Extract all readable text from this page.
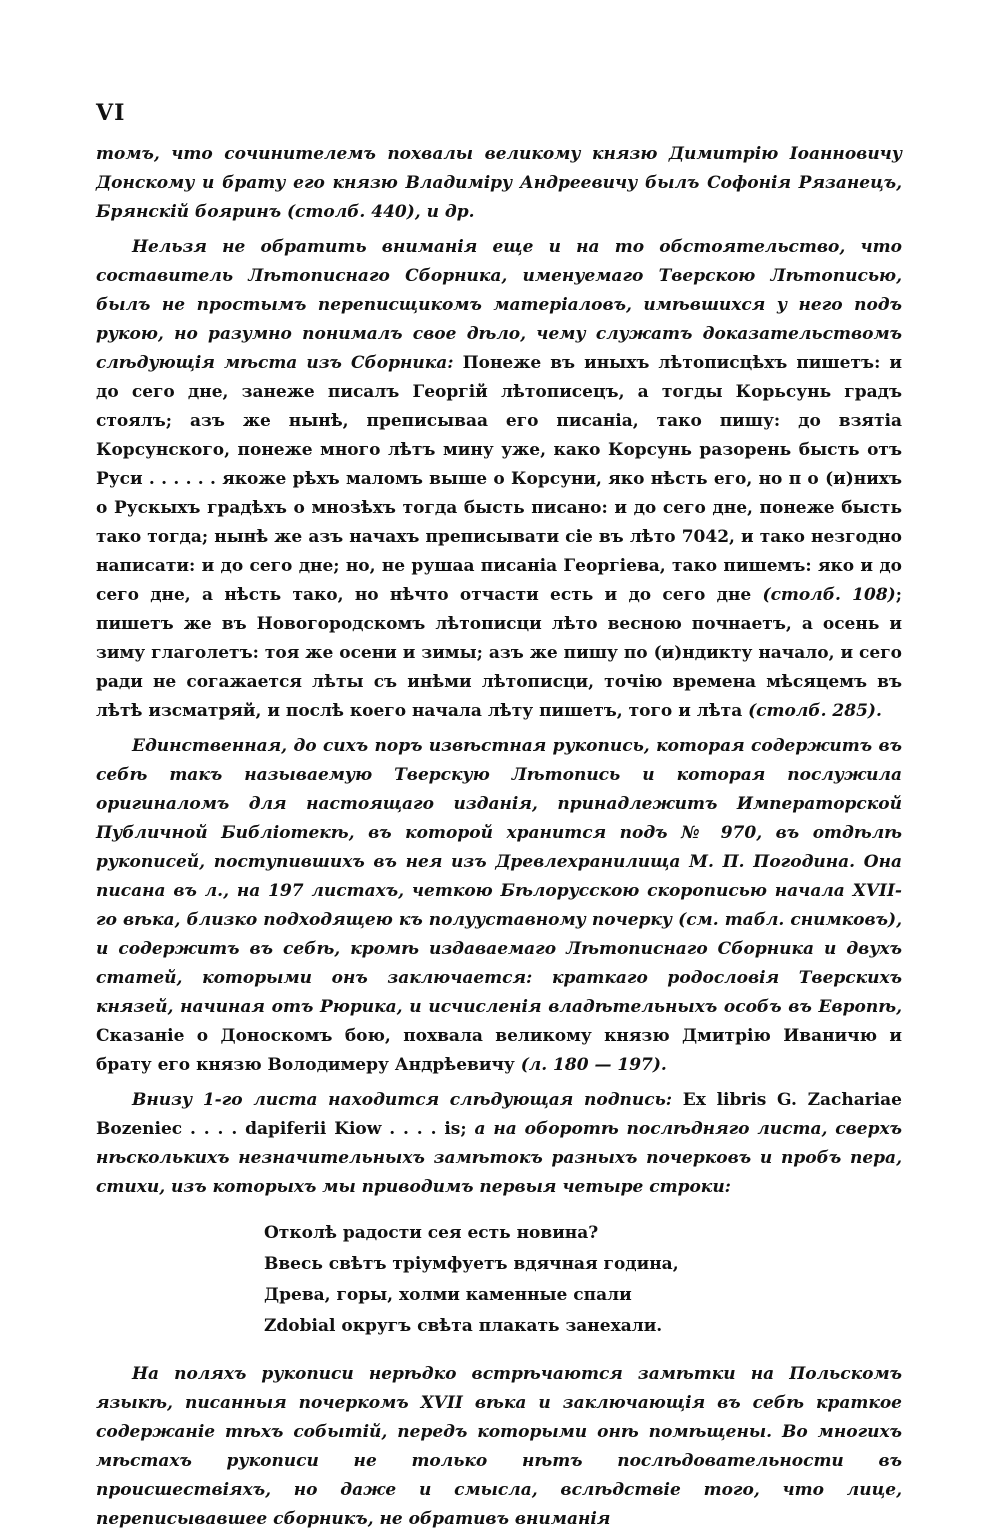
VI

томъ, что сочинителемъ похвалы великому князю Димитрію Іоанновичу Донскому и брату его князю Владиміру Андреевичу былъ Софонія Рязанецъ, Брянскій бояринъ (столб. 440), и др.

Нельзя не обратить вниманія еще и на то обстоятельство, что составитель Лѣтописнаго Сборника, именуемаго Тверскою Лѣтописью, былъ не простымъ переписщикомъ матеріаловъ, имѣвшихся у него подъ рукою, но разумно понималъ свое дѣло, чему служатъ доказательствомъ слѣдующія мѣста изъ Сборника: Понеже въ иныхъ лѣтописцѣхъ пишетъ: и до сего дне, занеже писалъ Георгій лѣтописецъ, а тогды Корьсунь градъ стоялъ; азъ же нынѣ, преписываа его писаніа, тако пишу: до взятіа Корсунского, понеже много лѣтъ мину уже, како Корсунь разорень бысть отъ Руси . . . . . . якоже рѣхъ маломъ выше о Корсуни, яко нѣсть его, но п о (и)нихъ о Рускыхъ градѣхъ о мнозѣхъ тогда бысть писано: и до сего дне, понеже бысть тако тогда; нынѣ же азъ начахъ преписывати сіе въ лѣто 7042, и тако незгодно написати: и до сего дне; но, не рушаа писаніа Георгіева, тако пишемъ: яко и до сего дне, а нѣсть тако, но нѣчто отчасти есть и до сего дне (столб. 108); пишетъ же въ Новогородскомъ лѣтописци лѣто весною почнаетъ, а осень и зиму глаголетъ: тоя же осени и зимы; азъ же пишу по (и)ндикту начало, и сего ради не согажается лѣты съ инѣми лѣтописци, точію времена мѣсяцемъ въ лѣтѣ изсматряй, и послѣ коего начала лѣту пишетъ, того и лѣта (столб. 285).

Единственная, до сихъ поръ извѣстная рукопись, которая содержитъ въ себѣ такъ называемую Тверскую Лѣтопись и которая послужила оригиналомъ для настоящаго изданія, принадлежитъ Императорской Публичной Библіотекѣ, въ которой хранится подъ № 970, въ отдѣлѣ рукописей, поступившихъ въ нея изъ Древлехранилища М. П. Погодина. Она писана въ л., на 197 листахъ, четкою Бѣлорусскою скорописью начала XVII-го вѣка, близко подходящею къ полууставному почерку (см. табл. снимковъ), и содержитъ въ себѣ, кромѣ издаваемаго Лѣтописнаго Сборника и двухъ статей, которыми онъ заключается: краткаго родословія Тверскихъ князей, начиная отъ Рюрика, и исчисленія владѣтельныхъ особъ въ Европѣ, Сказаніе о Доноскомъ бою, похвала великому князю Дмитрію Иваничю и брату его князю Володимеру Андрѣевичу (л. 180 — 197).

Внизу 1-го листа находится слѣдующая подпись: Ex libris G. Zachariae Bozeniec . . . . dapiferii Kiow . . . . is; а на оборотѣ послѣдняго листа, сверхъ нѣсколькихъ незначительныхъ замѣтокъ разныхъ почерковъ и пробъ пера, стихи, изъ которыхъ мы приводимъ первыя четыре строки:

Отколѣ радости сея есть новина?
Ввесь свѣтъ тріумфуетъ вдячная година,
Древа, горы, холми каменные спали
Zdobial округъ свѣта плакать занехали.

На поляхъ рукописи нерѣдко встрѣчаются замѣтки на Польскомъ языкѣ, писанныя почеркомъ XVII вѣка и заключающія въ себѣ краткое содержаніе тѣхъ событій, передъ которыми онѣ помѣщены. Во многихъ мѣстахъ рукописи не только нѣтъ послѣдовательности въ происшествіяхъ, но даже и смысла, вслѣдствіе того, что лице, переписывавшее сборникъ, не обративъ вниманія
